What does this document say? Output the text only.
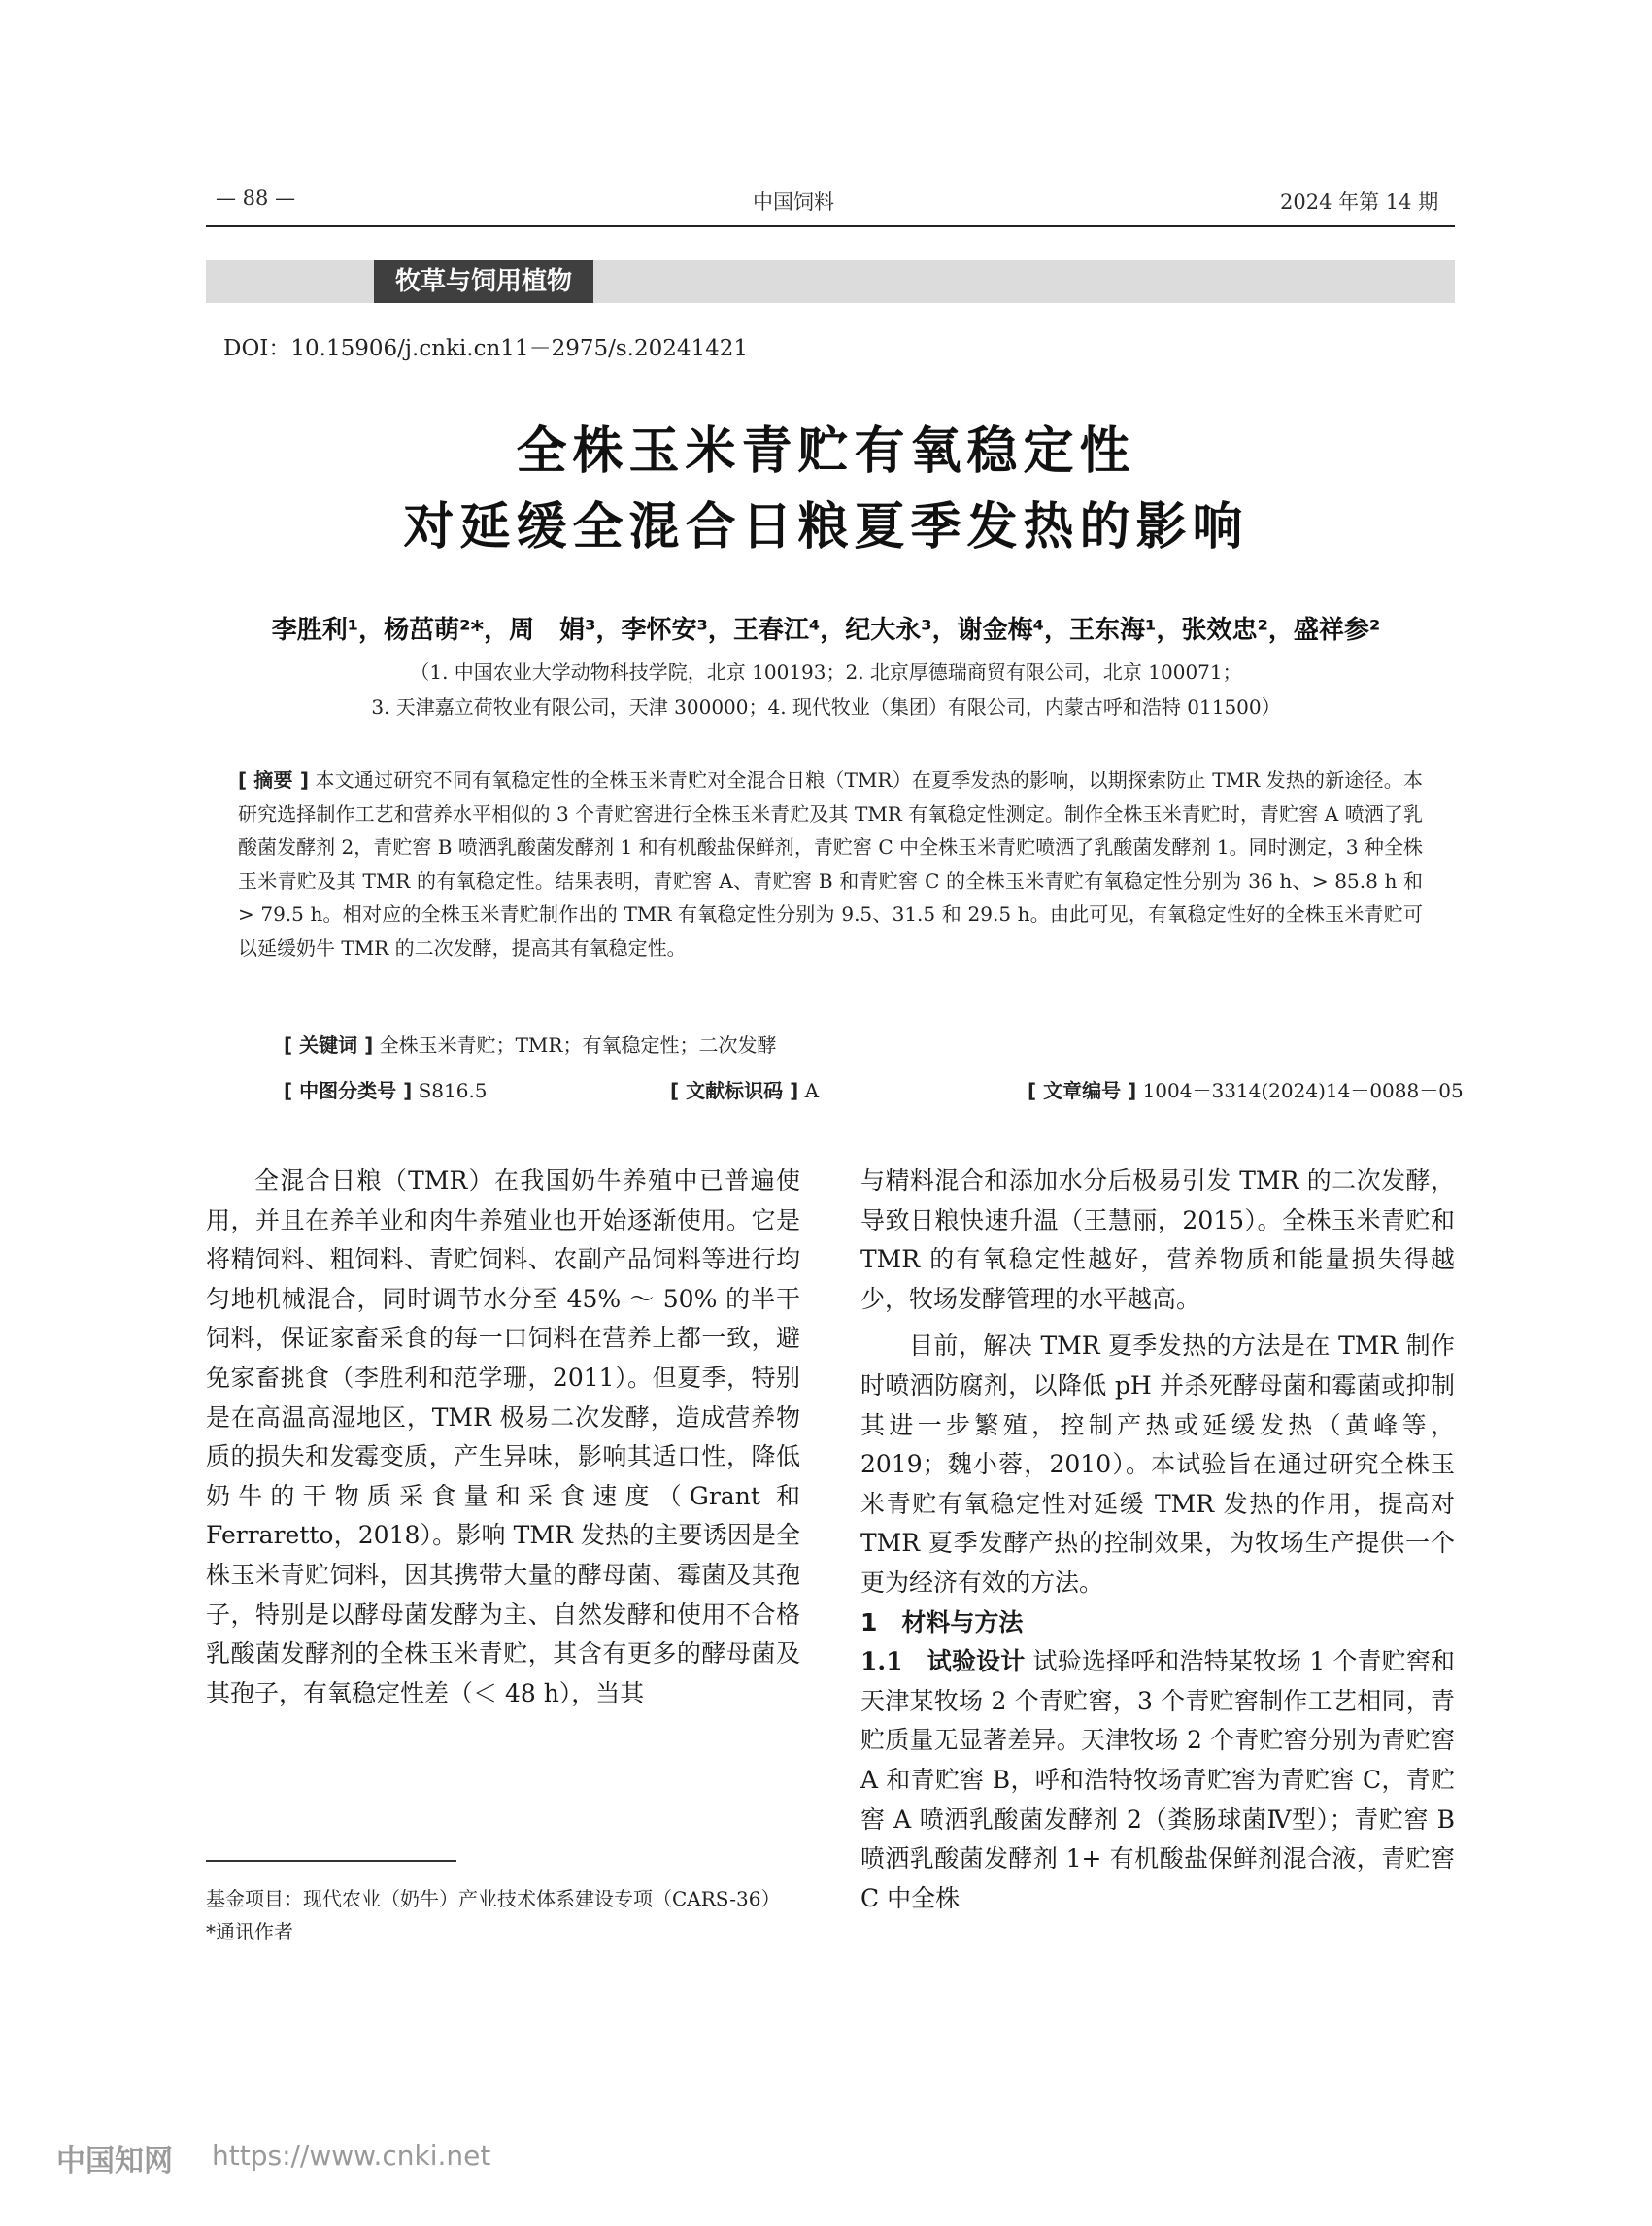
— 88 —	中国饲料	2024 年第 14 期
牧草与饲用植物
DOI：10.15906/j.cnki.cn11－2975/s.20241421
全株玉米青贮有氧稳定性
对延缓全混合日粮夏季发热的影响
李胜利¹，杨茁萌²*，周　娟³，李怀安³，王春江⁴，纪大永³，谢金梅⁴，王东海¹，张效忠²，盛祥参²
（1. 中国农业大学动物科技学院，北京 100193；2. 北京厚德瑞商贸有限公司，北京 100071；
3. 天津嘉立荷牧业有限公司，天津 300000；4. 现代牧业（集团）有限公司，内蒙古呼和浩特 011500）
[ 摘要 ] 本文通过研究不同有氧稳定性的全株玉米青贮对全混合日粮（TMR）在夏季发热的影响，以期探索防止 TMR 发热的新途径。本研究选择制作工艺和营养水平相似的 3 个青贮窖进行全株玉米青贮及其 TMR 有氧稳定性测定。制作全株玉米青贮时，青贮窖 A 喷洒了乳酸菌发酵剂 2，青贮窖 B 喷洒乳酸菌发酵剂 1 和有机酸盐保鲜剂，青贮窖 C 中全株玉米青贮喷洒了乳酸菌发酵剂 1。同时测定，3 种全株玉米青贮及其 TMR 的有氧稳定性。结果表明，青贮窖 A、青贮窖 B 和青贮窖 C 的全株玉米青贮有氧稳定性分别为 36 h、> 85.8 h 和 > 79.5 h。相对应的全株玉米青贮制作出的 TMR 有氧稳定性分别为 9.5、31.5 和 29.5 h。由此可见，有氧稳定性好的全株玉米青贮可以延缓奶牛 TMR 的二次发酵，提高其有氧稳定性。
[ 关键词 ] 全株玉米青贮；TMR；有氧稳定性；二次发酵
[ 中图分类号 ] S816.5	[ 文献标识码 ] A	[ 文章编号 ] 1004－3314(2024)14－0088－05

全混合日粮（TMR）在我国奶牛养殖中已普遍使用，并且在养羊业和肉牛养殖业也开始逐渐使用。它是将精饲料、粗饲料、青贮饲料、农副产品饲料等进行均匀地机械混合，同时调节水分至 45% ～ 50% 的半干饲料，保证家畜采食的每一口饲料在营养上都一致，避免家畜挑食（李胜利和范学珊，2011）。但夏季，特别是在高温高湿地区，TMR 极易二次发酵，造成营养物质的损失和发霉变质，产生异味，影响其适口性，降低奶牛的干物质采食量和采食速度（Grant 和 Ferraretto，2018）。影响 TMR 发热的主要诱因是全株玉米青贮饲料，因其携带大量的酵母菌、霉菌及其孢子，特别是以酵母菌发酵为主、自然发酵和使用不合格乳酸菌发酵剂的全株玉米青贮，其含有更多的酵母菌及其孢子，有氧稳定性差（＜ 48 h），当其

与精料混合和添加水分后极易引发 TMR 的二次发酵，导致日粮快速升温（王慧丽，2015）。全株玉米青贮和 TMR 的有氧稳定性越好，营养物质和能量损失得越少，牧场发酵管理的水平越高。

目前，解决 TMR 夏季发热的方法是在 TMR 制作时喷洒防腐剂，以降低 pH 并杀死酵母菌和霉菌或抑制其进一步繁殖，控制产热或延缓发热（黄峰等，2019；魏小蓉，2010）。本试验旨在通过研究全株玉米青贮有氧稳定性对延缓 TMR 发热的作用，提高对 TMR 夏季发酵产热的控制效果，为牧场生产提供一个更为经济有效的方法。

1　材料与方法

1.1　试验设计 试验选择呼和浩特某牧场 1 个青贮窖和天津某牧场 2 个青贮窖，3 个青贮窖制作工艺相同，青贮质量无显著差异。天津牧场 2 个青贮窖分别为青贮窖 A 和青贮窖 B，呼和浩特牧场青贮窖为青贮窖 C，青贮窖 A 喷洒乳酸菌发酵剂 2（粪肠球菌Ⅳ型）；青贮窖 B 喷洒乳酸菌发酵剂 1+ 有机酸盐保鲜剂混合液，青贮窖 C 中全株

基金项目：现代农业（奶牛）产业技术体系建设专项（CARS-36）
*通讯作者
中国知网 https://www.cnki.net
